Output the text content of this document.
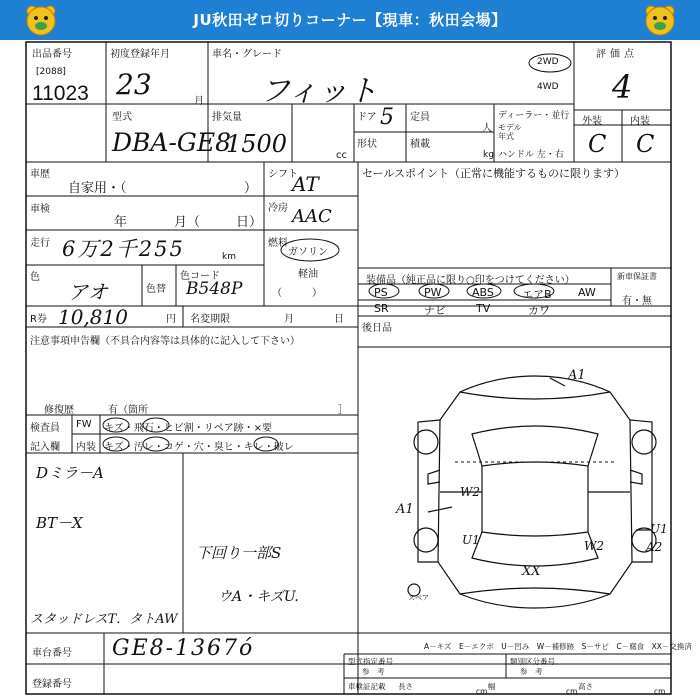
JU秋田ゼロ切りコーナー【現車：秋田会場】
出品番号
[2088]
11023
初度登録年月
23
月
車名・グレード
フィット
2WD
4WD
評価点
4
型式
DBA-GE8
排気量
1500	cc
ドア 5 定員
人
形状	積載
kg
ディーラー・並行
モデル年式
ハンドル 左・右
外装	内装
C C
車歴
自家用・（	）
シフト
AT	セールスポイント（正常に機能するものに限ります）
車検
年	月（	日）
冷房 AAC
走行 6万2千255	km
燃料
ガソリン
軽油
（　　　）
色
アオ	色替
色コード
B548P	装備品（純正品に限り○印をつけてください）	新車保証書
有・無
PS	PW	ABS	エアB AW
SR	ナビ	TV	カワ
R券 10,810	円 名変期限	月	日
後日品
注意事項申告欄（不具合内容等は具体的に記入して下さい）
修復歴	有（箇所	］
検査員
記入欄
FW キズ・飛石・ヒビ割・リペア跡・×要
内装 キズ・汚レ・コゲ・穴・臭ヒ・キレ・破レ
Dミラ－A
BT－X
下回り一部S
ウA・キズU.
スタッドレスT．タトAW
スペア
A1
A1
U1
A2
W2
U1	W2
XX
A－キズ　E－エクボ　U－凹み　W－補修跡　S－サビ　C－腐食　XX－交換済
車台番号 GE8-1367ó
登録番号
型式指定番号
参　考
類別区分番号
参　考
車検証記載 長さ
cm
幅
cm
高さ
cm
